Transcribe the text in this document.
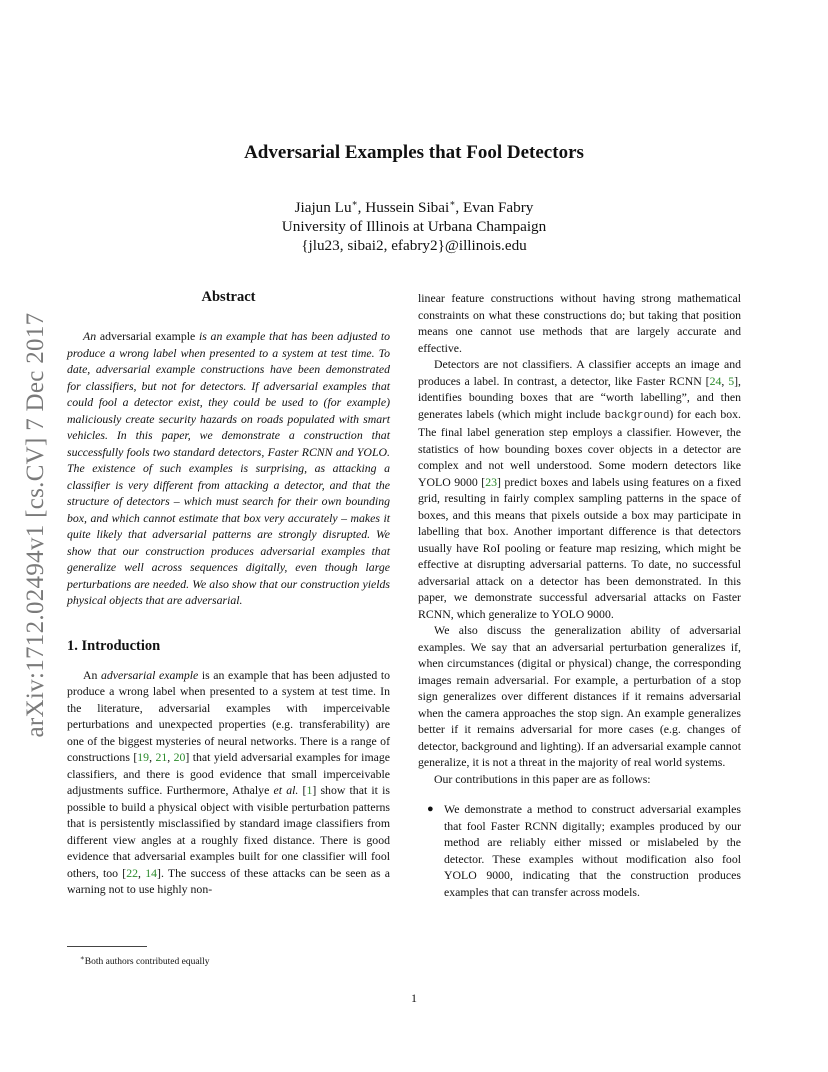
arXiv:1712.02494v1 [cs.CV] 7 Dec 2017
Adversarial Examples that Fool Detectors
Jiajun Lu∗, Hussein Sibai∗, Evan Fabry
University of Illinois at Urbana Champaign
{jlu23, sibai2, efabry2}@illinois.edu
Abstract

An adversarial example is an example that has been adjusted to produce a wrong label when presented to a system at test time. To date, adversarial example constructions have been demonstrated for classifiers, but not for detectors. If adversarial examples that could fool a detector exist, they could be used to (for example) maliciously create security hazards on roads populated with smart vehicles. In this paper, we demonstrate a construction that successfully fools two standard detectors, Faster RCNN and YOLO. The existence of such examples is surprising, as attacking a classifier is very different from attacking a detector, and that the structure of detectors – which must search for their own bounding box, and which cannot estimate that box very accurately – makes it quite likely that adversarial patterns are strongly disrupted. We show that our construction produces adversarial examples that generalize well across sequences digitally, even though large perturbations are needed. We also show that our construction yields physical objects that are adversarial.

1. Introduction

An adversarial example is an example that has been adjusted to produce a wrong label when presented to a system at test time. In the literature, adversarial examples with imperceivable perturbations and unexpected properties (e.g. transferability) are one of the biggest mysteries of neural networks. There is a range of constructions [19, 21, 20] that yield adversarial examples for image classifiers, and there is good evidence that small imperceivable adjustments suffice. Furthermore, Athalye et al. [1] show that it is possible to build a physical object with visible perturbation patterns that is persistently misclassified by standard image classifiers from different view angles at a roughly fixed distance. There is good evidence that adversarial examples built for one classifier will fool others, too [22, 14]. The success of these attacks can be seen as a warning not to use highly non-

∗Both authors contributed equally

linear feature constructions without having strong mathematical constraints on what these constructions do; but taking that position means one cannot use methods that are largely accurate and effective.

Detectors are not classifiers. A classifier accepts an image and produces a label. In contrast, a detector, like Faster RCNN [24, 5], identifies bounding boxes that are “worth labelling”, and then generates labels (which might include background) for each box. The final label generation step employs a classifier. However, the statistics of how bounding boxes cover objects in a detector are complex and not well understood. Some modern detectors like YOLO 9000 [23] predict boxes and labels using features on a fixed grid, resulting in fairly complex sampling patterns in the space of boxes, and this means that pixels outside a box may participate in labelling that box. Another important difference is that detectors usually have RoI pooling or feature map resizing, which might be effective at disrupting adversarial patterns. To date, no successful adversarial attack on a detector has been demonstrated. In this paper, we demonstrate successful adversarial attacks on Faster RCNN, which generalize to YOLO 9000.

We also discuss the generalization ability of adversarial examples. We say that an adversarial perturbation generalizes if, when circumstances (digital or physical) change, the corresponding images remain adversarial. For example, a perturbation of a stop sign generalizes over different distances if it remains adversarial when the camera approaches the stop sign. An example generalizes better if it remains adversarial for more cases (e.g. changes of detector, background and lighting). If an adversarial example cannot generalize, it is not a threat in the majority of real world systems.

Our contributions in this paper are as follows:

● We demonstrate a method to construct adversarial examples that fool Faster RCNN digitally; examples produced by our method are reliably either missed or mislabeled by the detector. These examples without modification also fool YOLO 9000, indicating that the construction produces examples that can transfer across models.
1
